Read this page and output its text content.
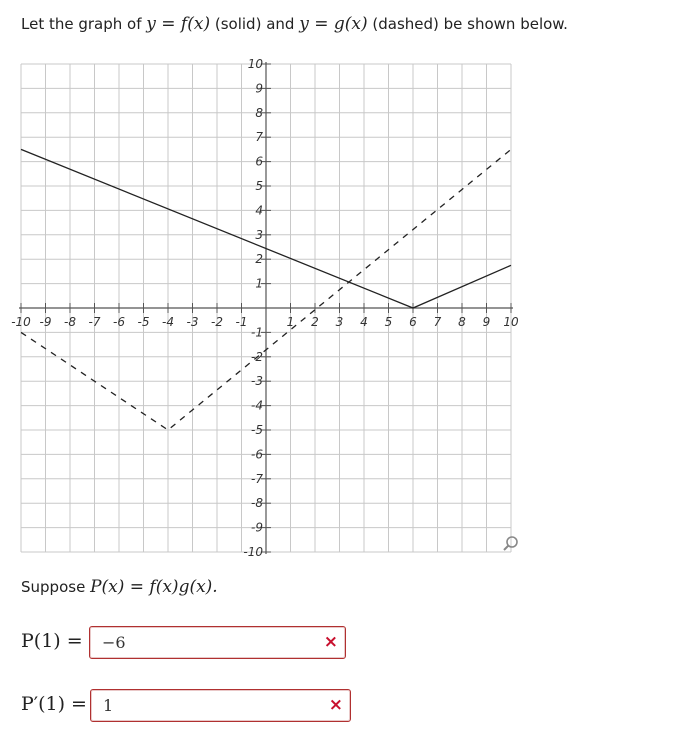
Let the graph of y = f(x) (solid) and y = g(x) (dashed) be shown below.
-10 -9 -8 -7 -6 -5 -4 -3 -2 -1	1 2 3 4 5 6 7 8 9 10
10
9
8
7
6
5
4
3
2
1
-1
-2
-3
-4
-5
-6
-7
-8
-9
-10
Suppose P(x) = f(x)g(x).
P(1) = −6	×
P′(1) = 1	×
